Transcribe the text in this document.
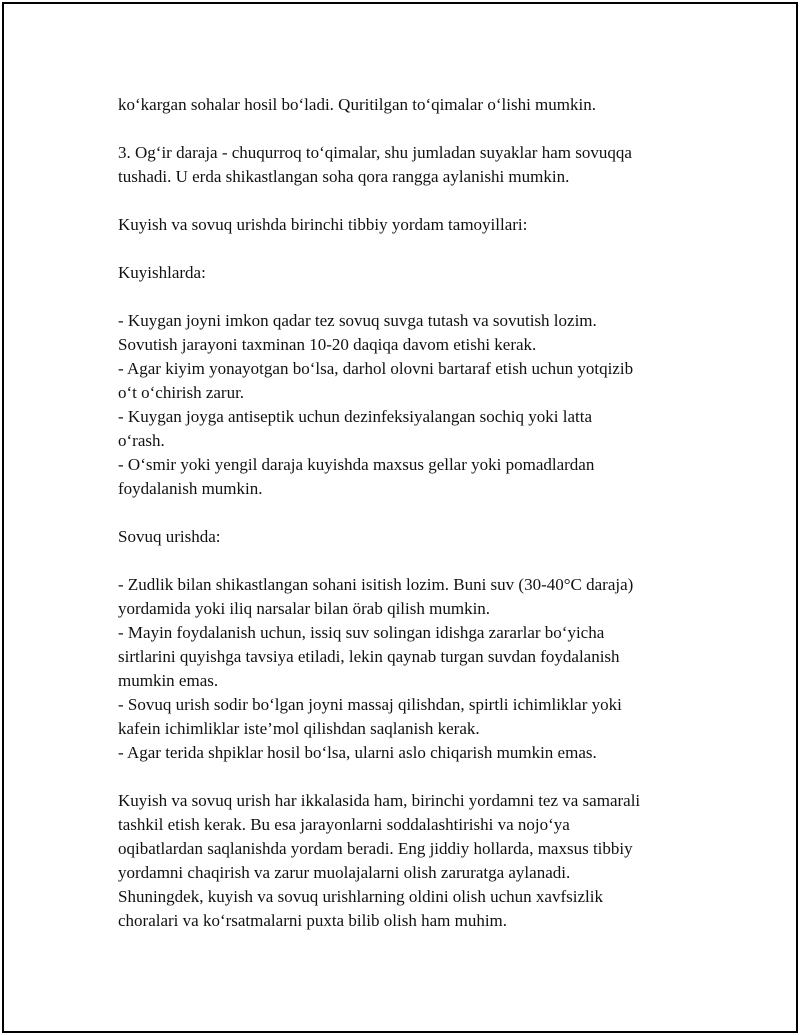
ko‘kargan sohalar hosil bo‘ladi. Quritilgan to‘qimalar o‘lishi mumkin.
3. Og‘ir daraja - chuqurroq to‘qimalar, shu jumladan suyaklar ham sovuqqa
tushadi. U erda shikastlangan soha qora rangga aylanishi mumkin.
Kuyish va sovuq urishda birinchi tibbiy yordam tamoyillari:
Kuyishlarda:
- Kuygan joyni imkon qadar tez sovuq suvga tutash va sovutish lozim.
Sovutish jarayoni taxminan 10-20 daqiqa davom etishi kerak.
- Agar kiyim yonayotgan bo‘lsa, darhol olovni bartaraf etish uchun yotqizib
o‘t o‘chirish zarur.
- Kuygan joyga antiseptik uchun dezinfeksiyalangan sochiq yoki latta
o‘rash.
- O‘smir yoki yengil daraja kuyishda maxsus gellar yoki pomadlardan
foydalanish mumkin.
Sovuq urishda:
- Zudlik bilan shikastlangan sohani isitish lozim. Buni suv (30-40°C daraja)
yordamida yoki iliq narsalar bilan örab qilish mumkin.
- Mayin foydalanish uchun, issiq suv solingan idishga zararlar bo‘yicha
sirtlarini quyishga tavsiya etiladi, lekin qaynab turgan suvdan foydalanish
mumkin emas.
- Sovuq urish sodir bo‘lgan joyni massaj qilishdan, spirtli ichimliklar yoki
kafein ichimliklar iste’mol qilishdan saqlanish kerak.
- Agar terida shpiklar hosil bo‘lsa, ularni aslo chiqarish mumkin emas.
Kuyish va sovuq urish har ikkalasida ham, birinchi yordamni tez va samarali
tashkil etish kerak. Bu esa jarayonlarni soddalashtirishi va nojo‘ya
oqibatlardan saqlanishda yordam beradi. Eng jiddiy hollarda, maxsus tibbiy
yordamni chaqirish va zarur muolajalarni olish zaruratga aylanadi.
Shuningdek, kuyish va sovuq urishlarning oldini olish uchun xavfsizlik
choralari va ko‘rsatmalarni puxta bilib olish ham muhim.
